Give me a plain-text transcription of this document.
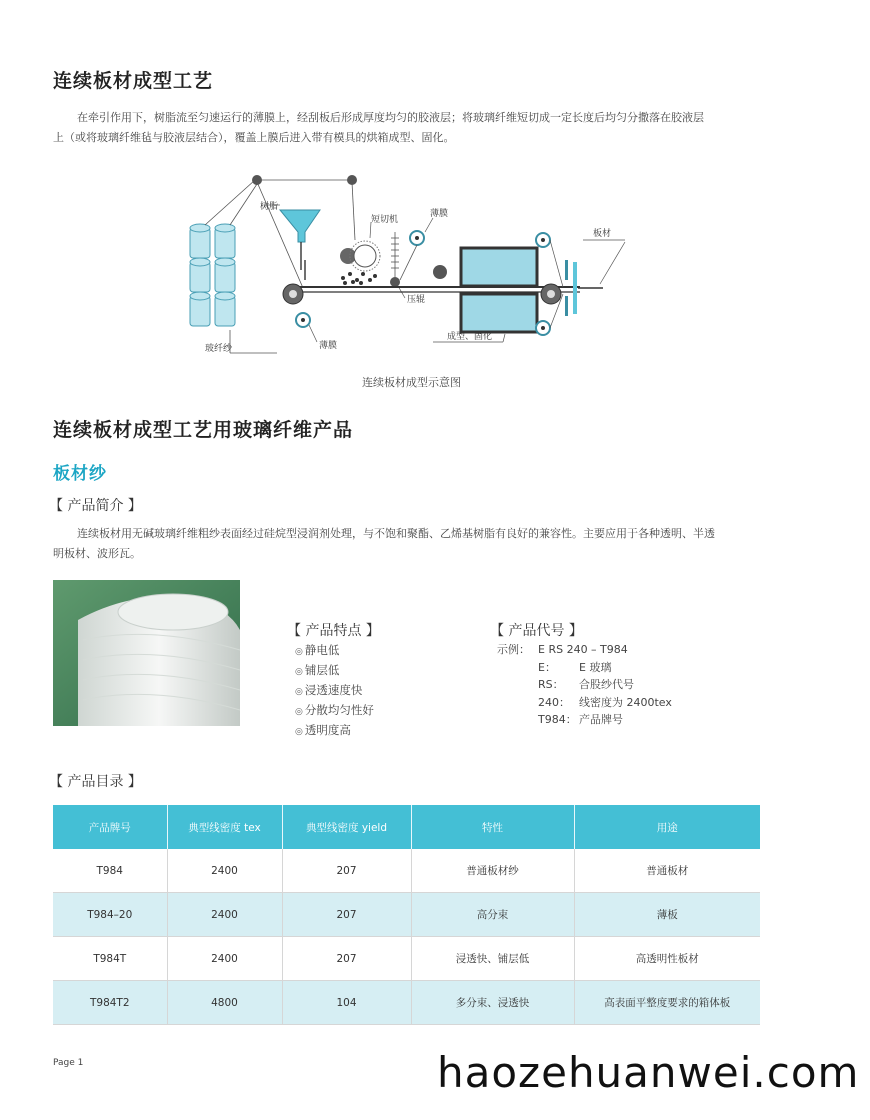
连续板材成型工艺
在牵引作用下，树脂流至匀速运行的薄膜上，经刮板后形成厚度均匀的胶液层；将玻璃纤维短切成一定长度后均匀分撒落在胶液层
上（或将玻璃纤维毡与胶液层结合），覆盖上膜后进入带有模具的烘箱成型、固化。
树脂
短切机
压辊
薄膜
薄膜
成型、固化
板材
玻纤纱
连续板材成型示意图
连续板材成型工艺用玻璃纤维产品
板材纱
【 产品简介 】
连续板材用无碱玻璃纤维粗纱表面经过硅烷型浸润剂处理，与不饱和聚酯、乙烯基树脂有良好的兼容性。主要应用于各种透明、半透
明板材、波形瓦。
【 产品特点 】
◎ 静电低
◎ 铺层低
◎ 浸透速度快
◎ 分散均匀性好
◎ 透明度高
【 产品代号 】
示例： E RS 240 – T984
E： E 玻璃
RS： 合股纱代号
240： 线密度为 2400tex
T984： 产品牌号
【 产品目录 】
产品牌号	典型线密度 tex	典型线密度 yield	特性	用途
T984	2400	207	普通板材纱	普通板材
T984–20	2400	207	高分束	薄板
T984T	2400	207	浸透快、铺层低	高透明性板材
T984T2	4800	104	多分束、浸透快	高表面平整度要求的箱体板
Page 1	haozehuanwei.com
